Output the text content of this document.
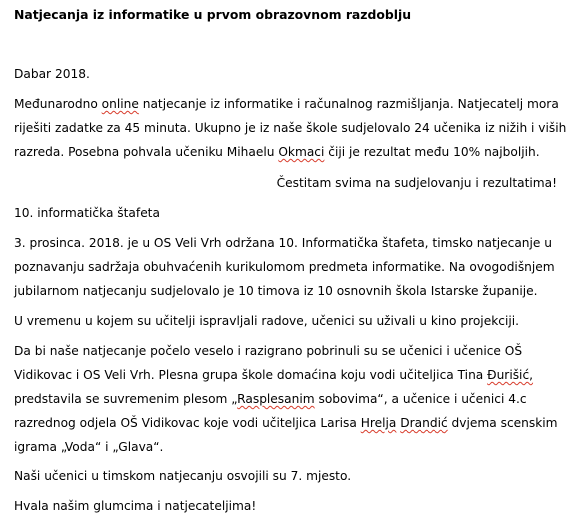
Natjecanja iz informatike u prvom obrazovnom razdoblju
Dabar 2018.
Međunarodno online natjecanje iz informatike i računalnog razmišljanja. Natjecatelj mora
riješiti zadatke za 45 minuta. Ukupno je iz naše škole sudjelovalo 24 učenika iz nižih i viših
razreda. Posebna pohvala učeniku Mihaelu Okmaci čiji je rezultat među 10% najboljih.
Čestitam svima na sudjelovanju i rezultatima!
10. informatička štafeta
3. prosinca. 2018. je u OS Veli Vrh održana 10. Informatička štafeta, timsko natjecanje u
poznavanju sadržaja obuhvaćenih kurikulomom predmeta informatike. Na ovogodišnjem
jubilarnom natjecanju sudjelovalo je 10 timova iz 10 osnovnih škola Istarske županije.
U vremenu u kojem su učitelji ispravljali radove, učenici su uživali u kino projekciji.
Da bi naše natjecanje počelo veselo i razigrano pobrinuli su se učenici i učenice OŠ
Vidikovac i OS Veli Vrh. Plesna grupa škole domaćina koju vodi učiteljica Tina Đurišić,
predstavila se suvremenim plesom „Rasplesanim sobovima“, a učenice i učenici 4.c
razrednog odjela OŠ Vidikovac koje vodi učiteljica Larisa Hrelja Drandić dvjema scenskim
igrama „Voda“ i „Glava“.
Naši učenici u timskom natjecanju osvojili su 7. mjesto.
Hvala našim glumcima i natjecateljima!
